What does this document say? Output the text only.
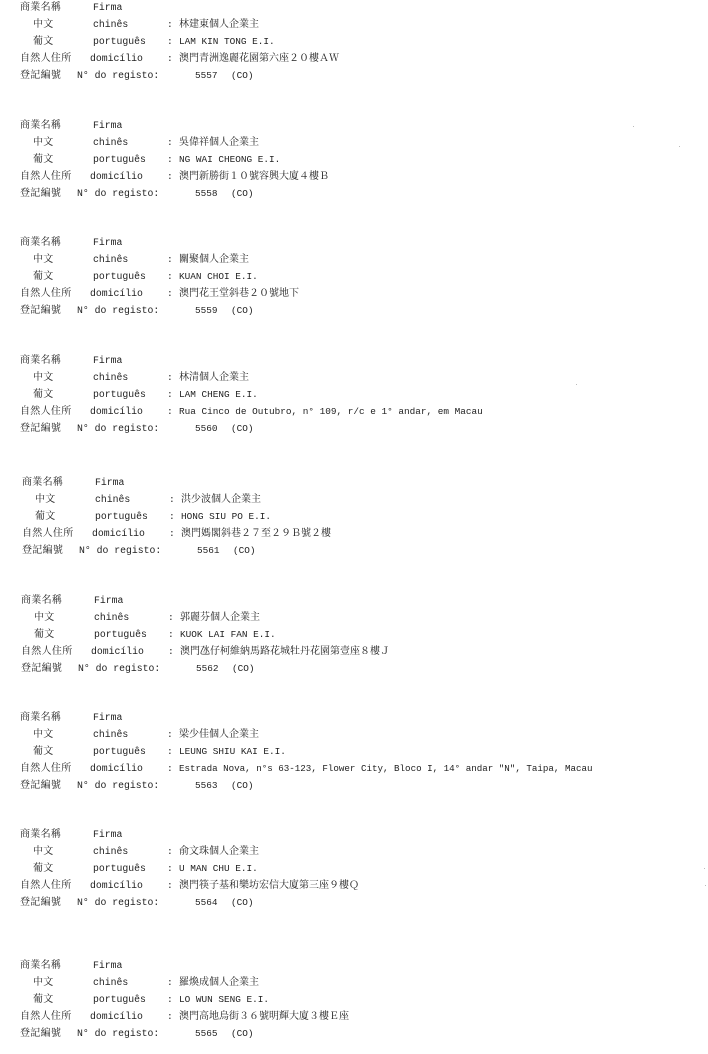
商業名稱	Firma
中文	chinês	: 林建東個人企業主
葡文	português : LAM KIN TONG E.I.
自然人住所 domicílio	: 澳門青洲逸麗花園第六座２０樓ＡＷ
登記編號 N° do registo:	5557 (CO)
商業名稱	Firma
中文	chinês	: 吳偉祥個人企業主
葡文	português : NG WAI CHEONG E.I.
自然人住所 domicílio	: 澳門新勝街１０號容興大廈４樓Ｂ
登記編號 N° do registo:	5558 (CO)
商業名稱	Firma
中文	chinês	: 關聚個人企業主
葡文	português : KUAN CHOI E.I.
自然人住所 domicílio	: 澳門花王堂斜巷２０號地下
登記編號 N° do registo:	5559 (CO)
商業名稱	Firma
中文	chinês	: 林清個人企業主
葡文	português : LAM CHENG E.I.
自然人住所 domicílio	: Rua Cinco de Outubro, n° 109, r/c e 1° andar, em Macau
登記編號 N° do registo:	5560 (CO)
商業名稱	Firma
中文	chinês	: 洪少波個人企業主
葡文	português : HONG SIU PO E.I.
自然人住所 domicílio	: 澳門媽閣斜巷２７至２９Ｂ號２樓
登記編號 N° do registo:	5561 (CO)
商業名稱	Firma
中文	chinês	: 郭麗芬個人企業主
葡文	português : KUOK LAI FAN E.I.
自然人住所 domicílio	: 澳門氹仔柯維納馬路花城牡丹花園第壹座８樓Ｊ
登記編號 N° do registo:	5562 (CO)
商業名稱	Firma
中文	chinês	: 梁少佳個人企業主
葡文	português : LEUNG SHIU KAI E.I.
自然人住所 domicílio	: Estrada Nova, n°s 63-123, Flower City, Bloco I, 14° andar "N", Taipa, Macau
登記編號 N° do registo:	5563 (CO)
商業名稱	Firma
中文	chinês	: 俞文珠個人企業主
葡文	português : U MAN CHU E.I.
自然人住所 domicílio	: 澳門筷子基和樂坊宏信大廈第三座９樓Ｑ
登記編號 N° do registo:	5564 (CO)
商業名稱	Firma
中文	chinês	: 羅煥成個人企業主
葡文	português : LO WUN SENG E.I.
自然人住所 domicílio	: 澳門高地烏街３６號明輝大廈３樓Ｅ座
登記編號 N° do registo:	5565 (CO)
